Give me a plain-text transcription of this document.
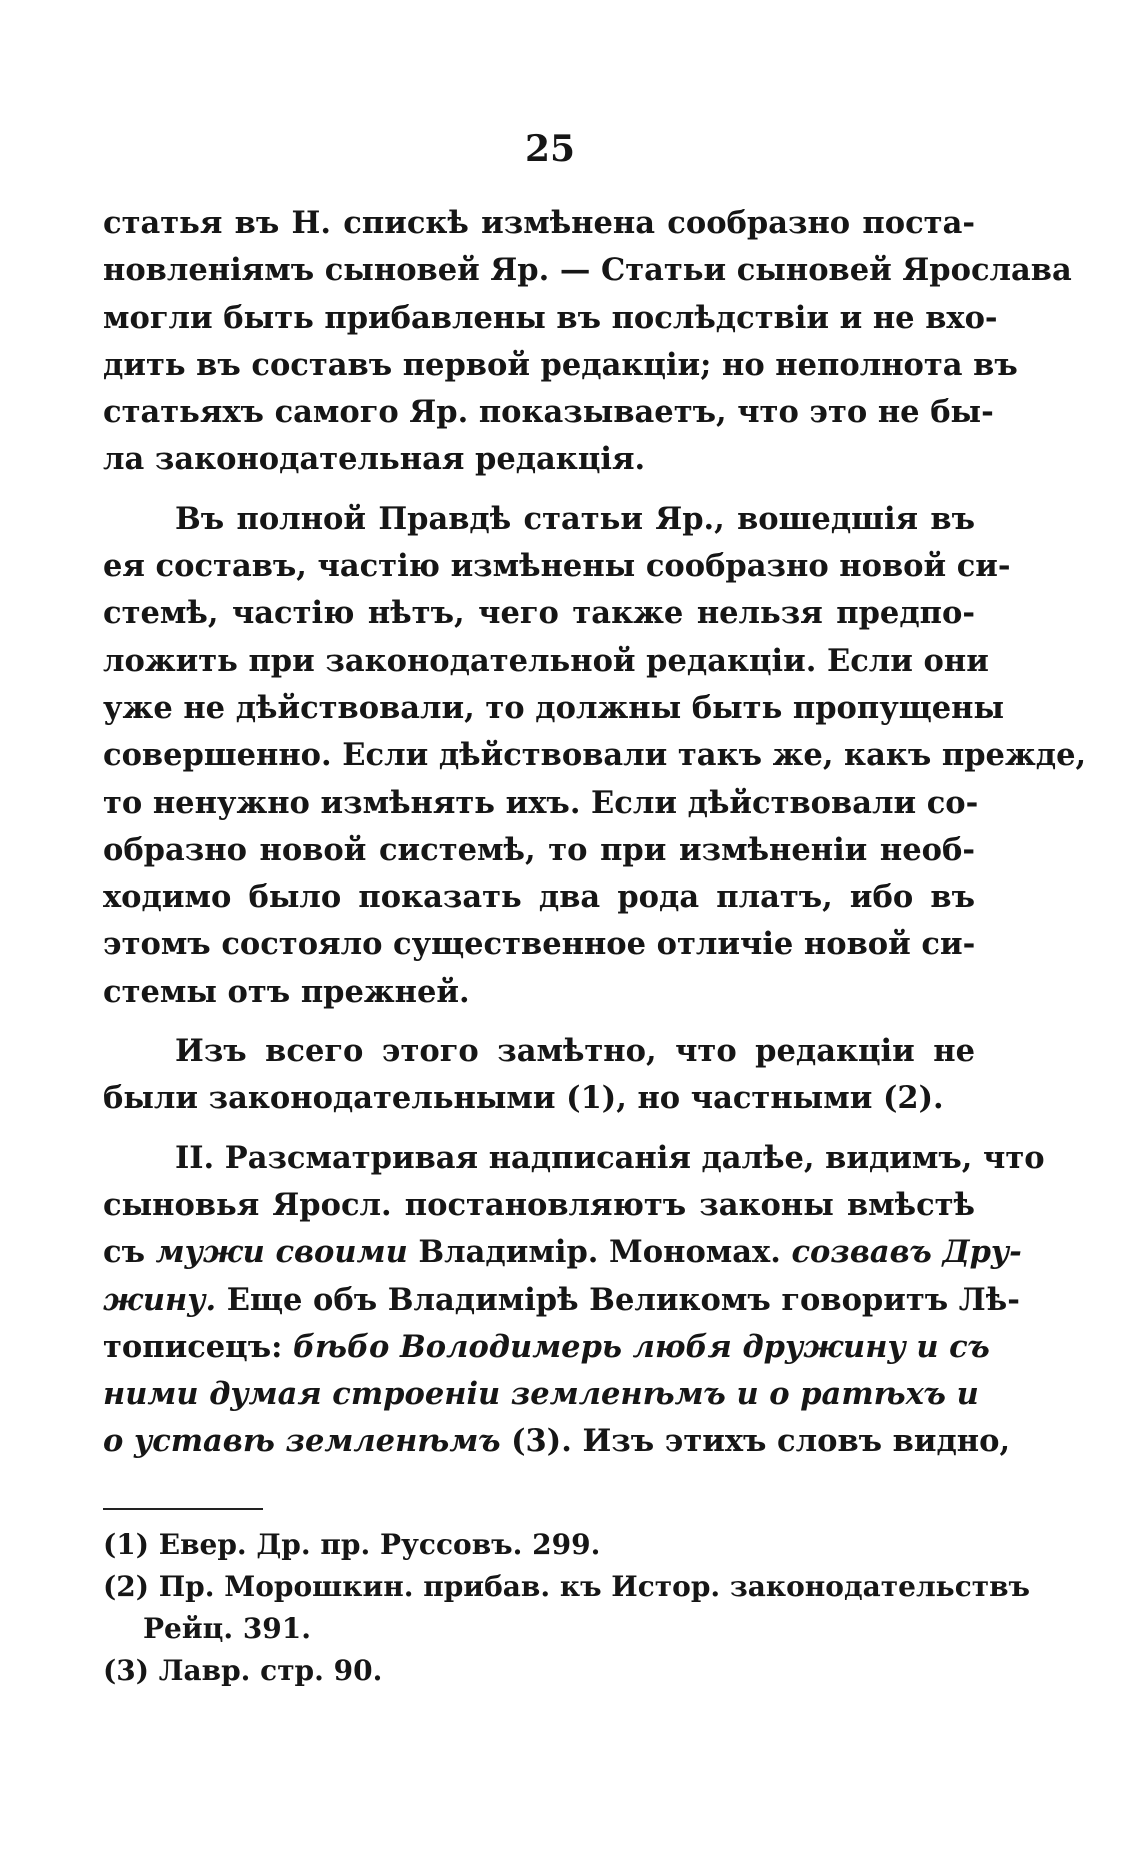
25
статья въ Н. спискѣ измѣнена сообразно поста-
новленіямъ сыновей Яр. — Статьи сыновей Ярослава
могли быть прибавлены въ послѣдствіи и не вхо-
дить въ составъ первой редакціи; но неполнота въ
статьяхъ самого Яр. показываетъ, что это не бы-
ла законодательная редакція.
Въ полной Правдѣ статьи Яр., вошедшія въ
ея составъ, частію измѣнены сообразно новой си-
стемѣ, частію нѣтъ, чего также нельзя предпо-
ложить при законодательной редакціи. Если они
уже не дѣйствовали, то должны быть пропущены
совершенно. Если дѣйствовали такъ же, какъ прежде,
то ненужно измѣнять ихъ. Если дѣйствовали со-
образно новой системѣ, то при измѣненіи необ-
ходимо было показать два рода платъ, ибо въ
этомъ состояло существенное отличіе новой си-
стемы отъ прежней.
Изъ всего этого замѣтно, что редакціи не
были законодательными (1), но частными (2).
II. Разсматривая надписанія далѣе, видимъ, что
сыновья Яросл. постановляютъ законы вмѣстѣ
съ мужи своими Владимір. Мономах. созвавъ Дру-
жину. Еще объ Владимірѣ Великомъ говоритъ Лѣ-
тописецъ: бѣбо Володимерь любя дружину и съ
ними думая строеніи земленѣмъ и о ратѣхъ и
о уставѣ земленѣмъ (3). Изъ этихъ словъ видно,
(1) Евер. Др. пр. Руссовъ. 299.
(2) Пр. Морошкин. прибав. къ Истор. законодательствъ
Рейц. 391.
(3) Лавр. стр. 90.
